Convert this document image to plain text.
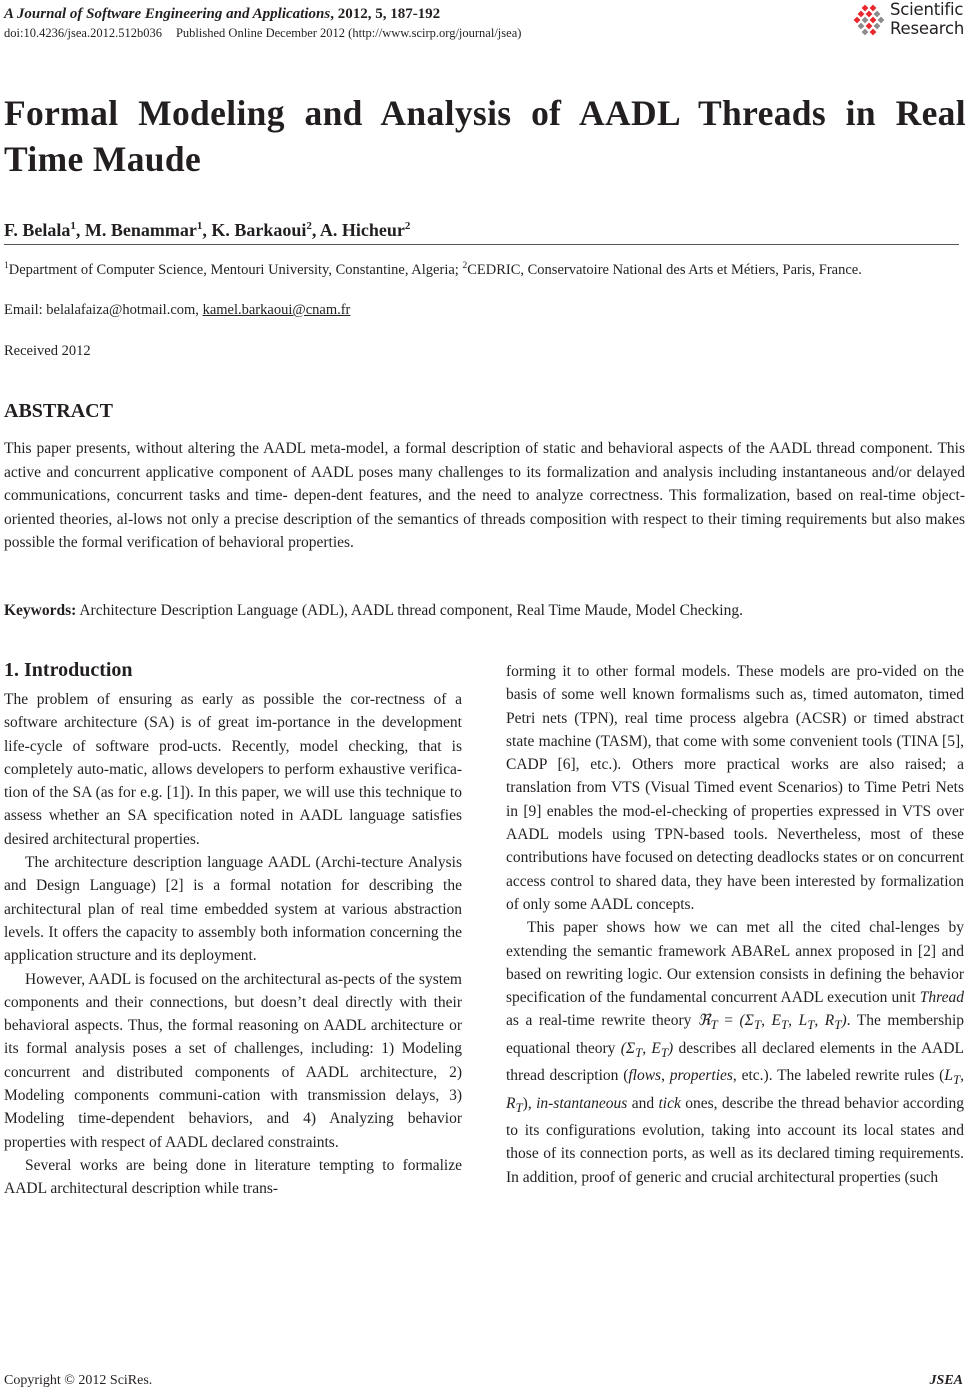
A Journal of Software Engineering and Applications, 2012, 5, 187-192

doi:10.4236/jsea.2012.512b036 Published Online December 2012 (http://www.scirp.org/journal/jsea)

Scientific
Research
Formal Modeling and Analysis of AADL Threads in Real
Time Maude

F. Belala$^1$, M. Benammar$^1$, K. Barkaoui$^2$, A. Hicheur$^2$

$^1$Department of Computer Science, Mentouri University, Constantine, Algeria; $^2$CEDRIC, Conservatoire National des Arts et Métiers, Paris, France.

Email: belalafaiza@hotmail.com, kamel.barkaoui@cnam.fr

Received 2012

ABSTRACT

This paper presents, without altering the AADL meta-model, a formal description of static and behavioral aspects of the AADL thread component. This active and concurrent applicative component of AADL poses many challenges to its formalization and analysis including instantaneous and/or delayed communications, concurrent tasks and time- depen-dent features, and the need to analyze correctness. This formalization, based on real-time object-oriented theories, al-lows not only a precise description of the semantics of threads composition with respect to their timing requirements but also makes possible the formal verification of behavioral properties.

Keywords: Architecture Description Language (ADL), AADL thread component, Real Time Maude, Model Checking.

1. Introduction

The problem of ensuring as early as possible the cor-rectness of a software architecture (SA) is of great im-portance in the development life-cycle of software prod-ucts. Recently, model checking, that is completely auto-matic, allows developers to perform exhaustive verifica-tion of the SA (as for e.g. [1]). In this paper, we will use this technique to assess whether an SA specification noted in AADL language satisfies desired architectural properties.

The architecture description language AADL (Archi-tecture Analysis and Design Language) [2] is a formal notation for describing the architectural plan of real time embedded system at various abstraction levels. It offers the capacity to assembly both information concerning the application structure and its deployment.

However, AADL is focused on the architectural as-pects of the system components and their connections, but doesn’t deal directly with their behavioral aspects. Thus, the formal reasoning on AADL architecture or its formal analysis poses a set of challenges, including: 1) Modeling concurrent and distributed components of AADL architecture, 2) Modeling components communi-cation with transmission delays, 3) Modeling time-dependent behaviors, and 4) Analyzing behavior properties with respect of AADL declared constraints.

Several works are being done in literature tempting to formalize AADL architectural description while trans-

forming it to other formal models. These models are pro-vided on the basis of some well known formalisms such as, timed automaton, timed Petri nets (TPN), real time process algebra (ACSR) or timed abstract state machine (TASM), that come with some convenient tools (TINA [5], CADP [6], etc.). Others more practical works are also raised; a translation from VTS (Visual Timed event Scenarios) to Time Petri Nets in [9] enables the mod-el-checking of properties expressed in VTS over AADL models using TPN-based tools. Nevertheless, most of these contributions have focused on detecting deadlocks states or on concurrent access control to shared data, they have been interested by formalization of only some AADL concepts.

This paper shows how we can met all the cited chal-lenges by extending the semantic framework ABAReL annex proposed in [2] and based on rewriting logic. Our extension consists in defining the behavior specification of the fundamental concurrent AADL execution unit Thread as a real-time rewrite theory ℜ$_T$ = ($\Sigma_T$, $E_T$, $L_T$, $R_T$). The membership equational theory ($\Sigma_T$, $E_T$) describes all declared elements in the AADL thread description (flows, properties, etc.). The labeled rewrite rules ($L_T$, $R_T$), in-stantaneous and tick ones, describe the thread behavior according to its configurations evolution, taking into account its local states and those of its connection ports, as well as its declared timing requirements. In addition, proof of generic and crucial architectural properties (such

Copyright © 2012 SciRes.	JSEA
